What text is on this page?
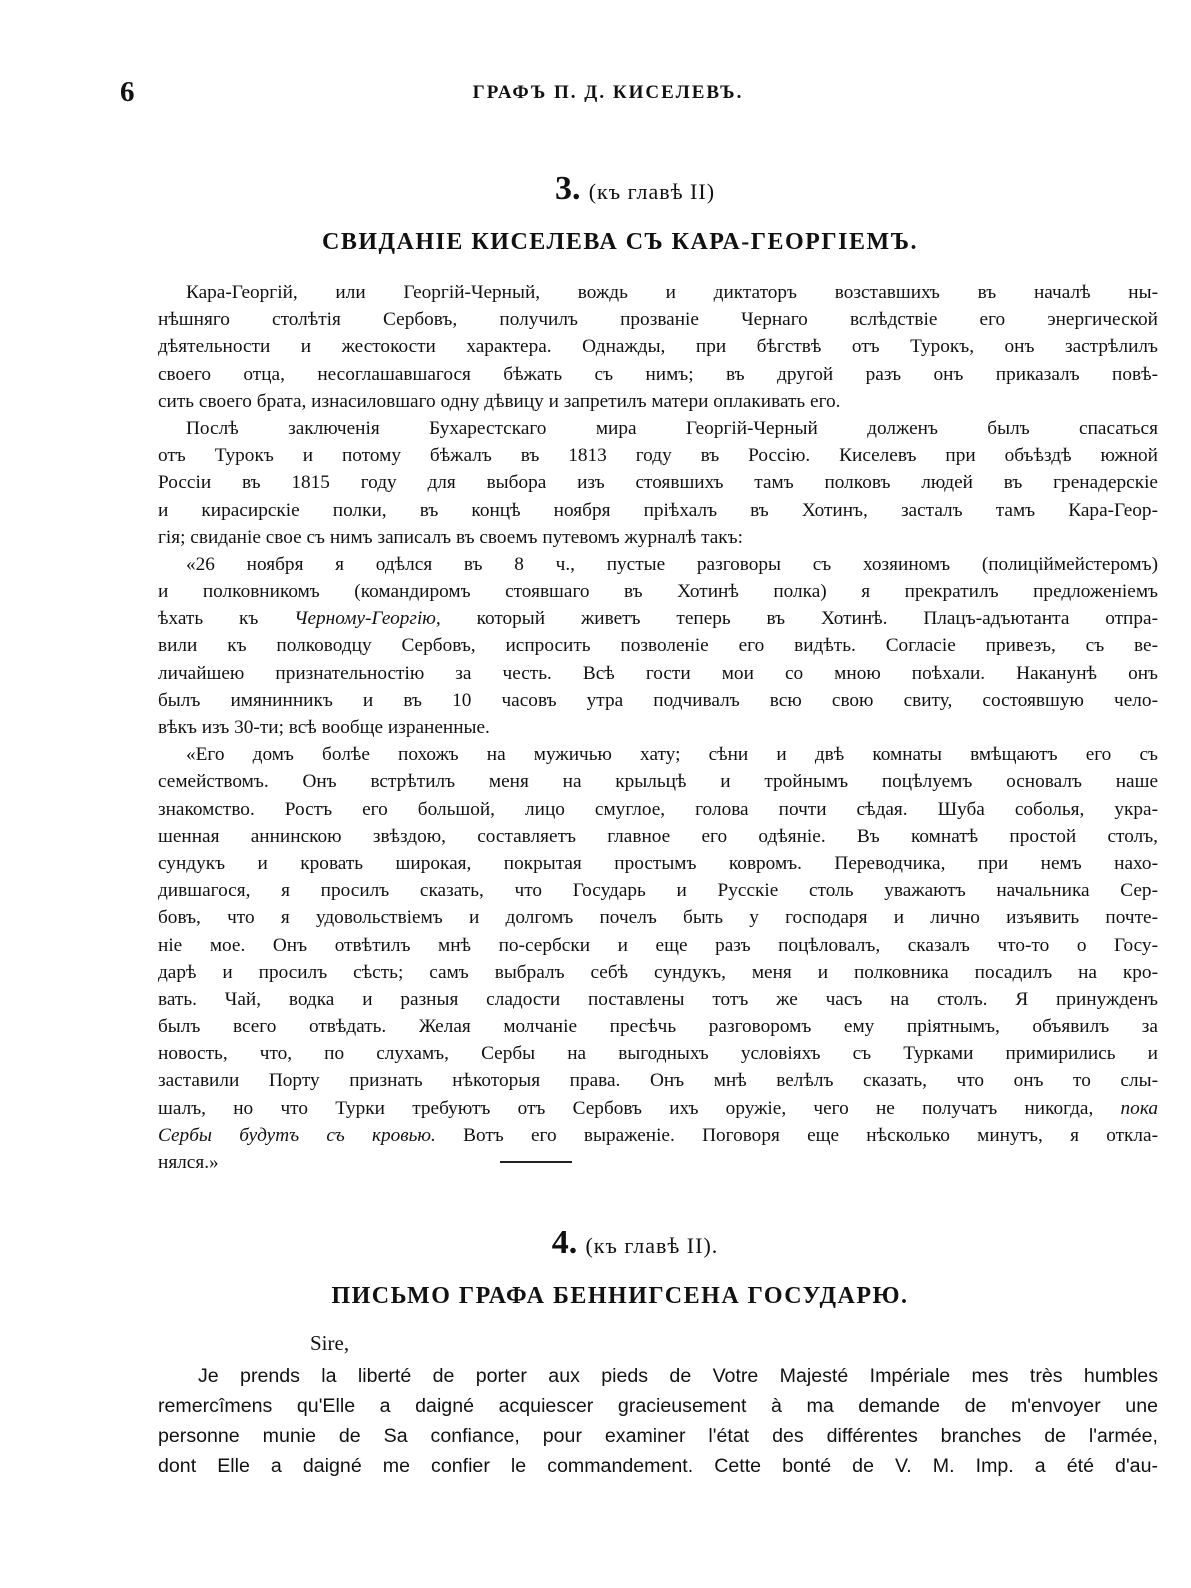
6	ГРАФЪ П. Д. КИСЕЛЕВЪ.
3. (къ главѣ II)
СВИДАНІЕ КИСЕЛЕВА СЪ КАРА-ГЕОРГІЕМЪ.
Кара-Георгій, или Георгій-Черный, вождь и диктаторъ возставшихъ въ началѣ ны-
нѣшняго столѣтія Сербовъ, получилъ прозваніе Чернаго вслѣдствіе его энергической
дѣятельности и жестокости характера. Однажды, при бѣгствѣ отъ Турокъ, онъ застрѣлилъ
своего отца, несоглашавшагося бѣжать съ нимъ; въ другой разъ онъ приказалъ повѣ-
сить своего брата, изнасиловшаго одну дѣвицу и запретилъ матери оплакивать его.
Послѣ заключенія Бухарестскаго мира Георгій-Черный долженъ былъ спасаться
отъ Турокъ и потому бѣжалъ въ 1813 году въ Россію. Киселевъ при объѣздѣ южной
Россіи въ 1815 году для выбора изъ стоявшихъ тамъ полковъ людей въ гренадерскіе
и кирасирскіе полки, въ концѣ ноября пріѣхалъ въ Хотинъ, засталъ тамъ Кара-Геор-
гія; свиданіе свое съ нимъ записалъ въ своемъ путевомъ журналѣ такъ:
«26 ноября я одѣлся въ 8 ч., пустые разговоры съ хозяиномъ (полиціймейстеромъ)
и полковникомъ (командиромъ стоявшаго въ Хотинѣ полка) я прекратилъ предложеніемъ
ѣхать къ Черному-Георгію, который живетъ теперь въ Хотинѣ. Плацъ-адъютанта отпра-
вили къ полководцу Сербовъ, испросить позволеніе его видѣть. Согласіе привезъ, съ ве-
личайшею признательностію за честь. Всѣ гости мои со мною поѣхали. Наканунѣ онъ
былъ имянинникъ и въ 10 часовъ утра подчивалъ всю свою свиту, состоявшую чело-
вѣкъ изъ 30-ти; всѣ вообще израненные.
«Его домъ болѣе похожъ на мужичью хату; сѣни и двѣ комнаты вмѣщаютъ его съ
семействомъ. Онъ встрѣтилъ меня на крыльцѣ и тройнымъ поцѣлуемъ основалъ наше
знакомство. Ростъ его большой, лицо смуглое, голова почти сѣдая. Шуба соболья, укра-
шенная аннинскою звѣздою, составляетъ главное его одѣяніе. Въ комнатѣ простой столъ,
сундукъ и кровать широкая, покрытая простымъ ковромъ. Переводчика, при немъ нахо-
дившагося, я просилъ сказать, что Государь и Русскіе столь уважаютъ начальника Сер-
бовъ, что я удовольствіемъ и долгомъ почелъ быть у господаря и лично изъявить почте-
ніе мое. Онъ отвѣтилъ мнѣ по-сербски и еще разъ поцѣловалъ, сказалъ что-то о Госу-
дарѣ и просилъ сѣсть; самъ выбралъ себѣ сундукъ, меня и полковника посадилъ на кро-
вать. Чай, водка и разныя сладости поставлены тотъ же часъ на столъ. Я принужденъ
былъ всего отвѣдать. Желая молчаніе пресѣчь разговоромъ ему пріятнымъ, объявилъ за
новость, что, по слухамъ, Сербы на выгодныхъ условіяхъ съ Турками примирились и
заставили Порту признать нѣкоторыя права. Онъ мнѣ велѣлъ сказать, что онъ то слы-
шалъ, но что Турки требуютъ отъ Сербовъ ихъ оружіе, чего не получатъ никогда, пока
Сербы будутъ съ кровью. Вотъ его выраженіе. Поговоря еще нѣсколько минутъ, я откла-
нялся.»
4. (къ главѣ II).
ПИСЬМО ГРАФА БЕННИГСЕНА ГОСУДАРЮ.
Sire,
Je prends la liberté de porter aux pieds de Votre Majesté Impériale mes très humbles
remercîmens qu'Elle a daigné acquiescer gracieusement à ma demande de m'envoyer une
personne munie de Sa confiance, pour examiner l'état des différentes branches de l'armée,
dont Elle a daigné me confier le commandement. Cette bonté de V. M. Imp. a été d'au-
